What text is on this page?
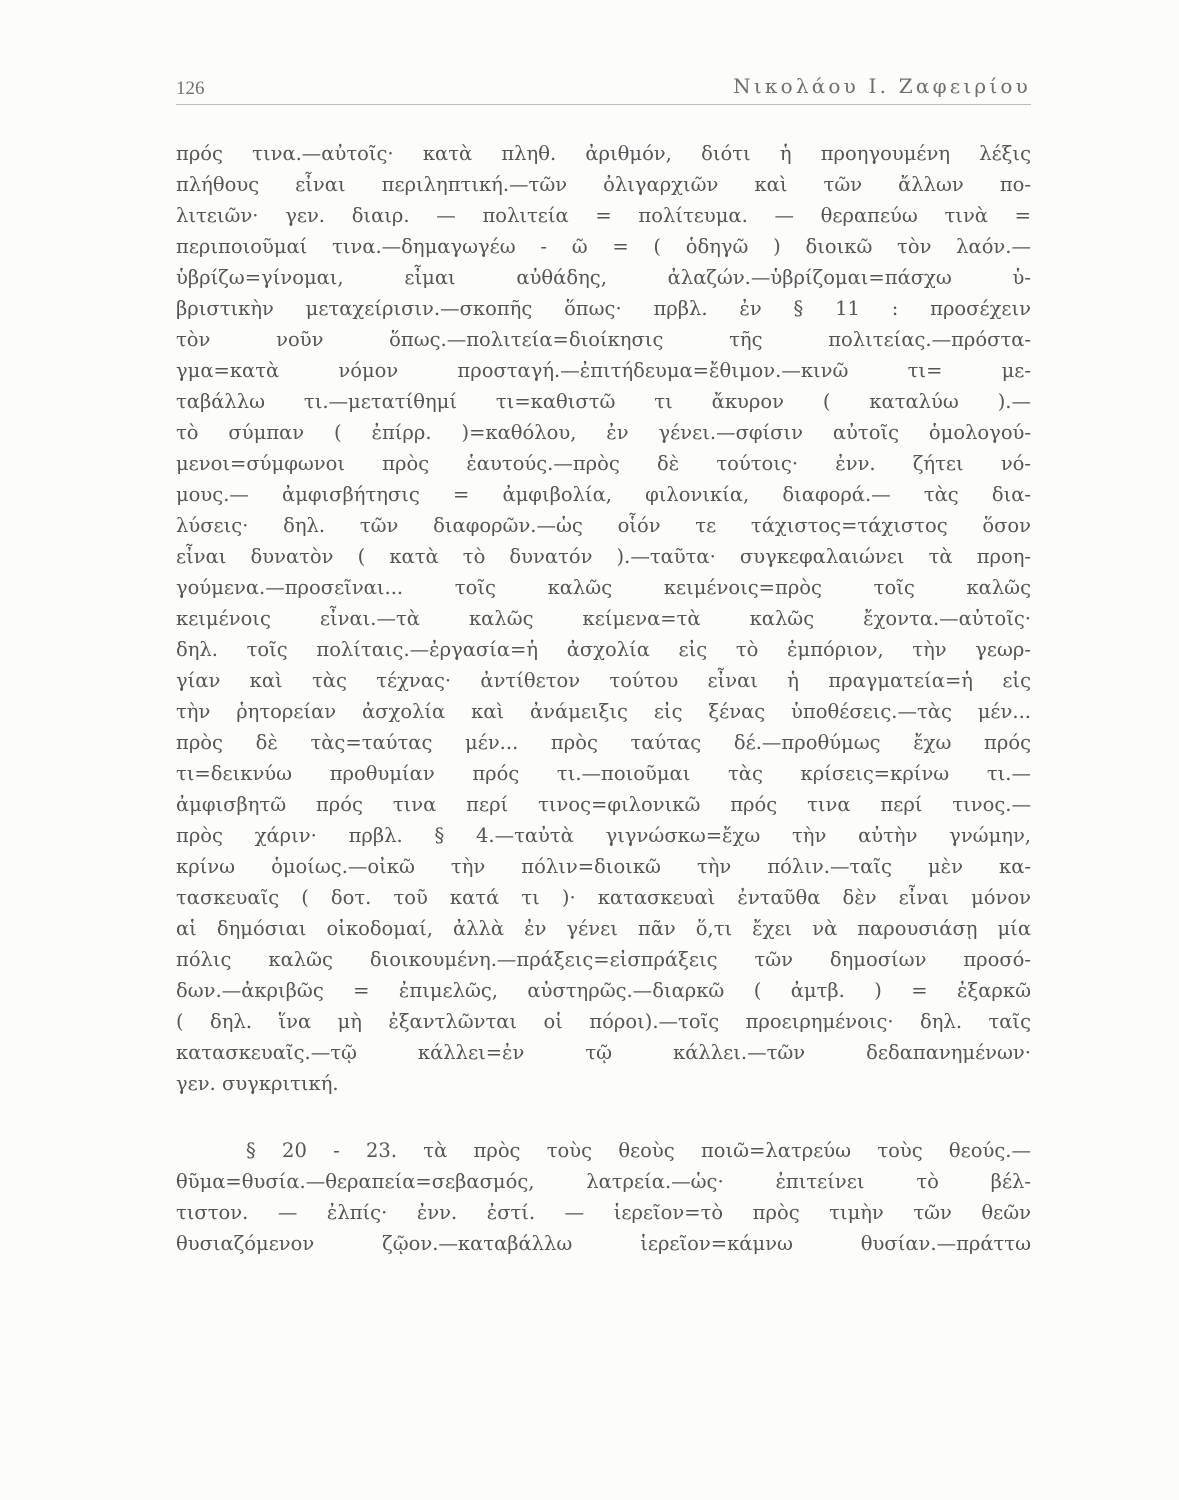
126	Νικολάου Ι. Ζαφειρίου
πρός τινα.—αὐτοῖς· κατὰ πληθ. ἀριθμόν, διότι ἡ προηγουμένη λέξις
πλήθους εἶναι περιληπτική.—τῶν ὀλιγαρχιῶν καὶ τῶν ἄλλων πο-
λιτειῶν· γεν. διαιρ. — πολιτεία = πολίτευμα. — θεραπεύω τινὰ =
περιποιοῦμαί τινα.—δημαγωγέω - ῶ = ( ὁδηγῶ ) διοικῶ τὸν λαόν.—
ὑβρίζω=γίνομαι, εἶμαι αὐθάδης, ἀλαζών.—ὑβρίζομαι=πάσχω ὑ-
βριστικὴν μεταχείρισιν.—σκοπῆς ὅπως· πρβλ. ἐν § 11 : προσέχειν
τὸν νοῦν ὅπως.—πολιτεία=διοίκησις τῆς πολιτείας.—πρόστα-
γμα=κατὰ νόμον προσταγή.—ἐπιτήδευμα=ἔθιμον.—κινῶ τι= με-
ταβάλλω τι.—μετατίθημί τι=καθιστῶ τι ἄκυρον ( καταλύω ).—
τὸ σύμπαν ( ἐπίρρ. )=καθόλου, ἐν γένει.—σφίσιν αὐτοῖς ὁμολογού-
μενοι=σύμφωνοι πρὸς ἑαυτούς.—πρὸς δὲ τούτοις· ἐνν. ζήτει νό-
μους.— ἀμφισβήτησις = ἀμφιβολία, φιλονικία, διαφορά.— τὰς δια-
λύσεις· δηλ. τῶν διαφορῶν.—ὡς οἷόν τε τάχιστος=τάχιστος ὅσον
εἶναι δυνατὸν ( κατὰ τὸ δυνατόν ).—ταῦτα· συγκεφαλαιώνει τὰ προη-
γούμενα.—προσεῖναι... τοῖς καλῶς κειμένοις=πρὸς τοῖς καλῶς
κειμένοις εἶναι.—τὰ καλῶς κείμενα=τὰ καλῶς ἔχοντα.—αὐτοῖς·
δηλ. τοῖς πολίταις.—ἐργασία=ἡ ἀσχολία εἰς τὸ ἐμπόριον, τὴν γεωρ-
γίαν καὶ τὰς τέχνας· ἀντίθετον τούτου εἶναι ἡ πραγματεία=ἡ εἰς
τὴν ῥητορείαν ἀσχολία καὶ ἀνάμειξις εἰς ξένας ὑποθέσεις.—τὰς μέν...
πρὸς δὲ τὰς=ταύτας μέν... πρὸς ταύτας δέ.—προθύμως ἔχω πρός
τι=δεικνύω προθυμίαν πρός τι.—ποιοῦμαι τὰς κρίσεις=κρίνω τι.—
ἀμφισβητῶ πρός τινα περί τινος=φιλονικῶ πρός τινα περί τινος.—
πρὸς χάριν· πρβλ. § 4.—ταὐτὰ γιγνώσκω=ἔχω τὴν αὐτὴν γνώμην,
κρίνω ὁμοίως.—οἰκῶ τὴν πόλιν=διοικῶ τὴν πόλιν.—ταῖς μὲν κα-
τασκευαῖς ( δοτ. τοῦ κατά τι )· κατασκευαὶ ἐνταῦθα δὲν εἶναι μόνον
αἱ δημόσιαι οἰκοδομαί, ἀλλὰ ἐν γένει πᾶν ὅ,τι ἔχει νὰ παρουσιάσῃ μία
πόλις καλῶς διοικουμένη.—πράξεις=εἰσπράξεις τῶν δημοσίων προσό-
δων.—ἀκριβῶς = ἐπιμελῶς, αὐστηρῶς.—διαρκῶ ( ἀμτβ. ) = ἐξαρκῶ
( δηλ. ἵνα μὴ ἐξαντλῶνται οἱ πόροι).—τοῖς προειρημένοις· δηλ. ταῖς
κατασκευαῖς.—τῷ κάλλει=ἐν τῷ κάλλει.—τῶν δεδαπανημένων·
γεν. συγκριτική.
§ 20 - 23. τὰ πρὸς τοὺς θεοὺς ποιῶ=λατρεύω τοὺς θεούς.—
θῦμα=θυσία.—θεραπεία=σεβασμός, λατρεία.—ὡς· ἐπιτείνει τὸ βέλ-
τιστον. — ἐλπίς· ἐνν. ἐστί. — ἱερεῖον=τὸ πρὸς τιμὴν τῶν θεῶν
θυσιαζόμενον ζῷον.—καταβάλλω ἱερεῖον=κάμνω θυσίαν.—πράττω
